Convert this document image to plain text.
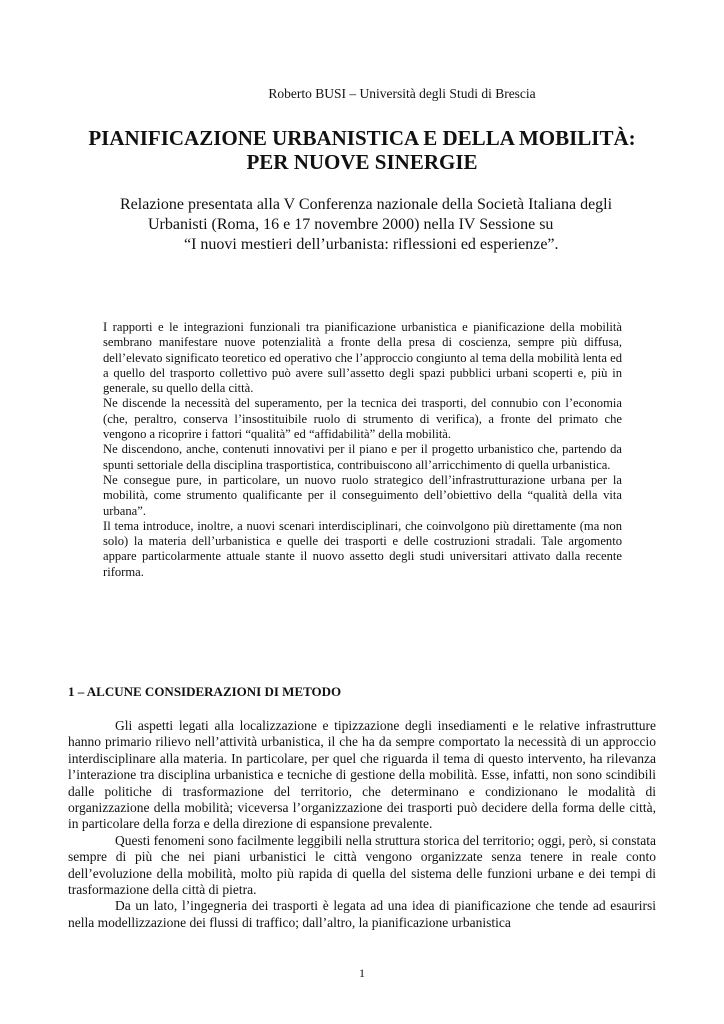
Roberto BUSI – Università degli Studi di Brescia
PIANIFICAZIONE URBANISTICA E DELLA MOBILITÀ:
PER NUOVE SINERGIE
Relazione presentata alla V Conferenza nazionale della Società Italiana degli
Urbanisti (Roma, 16 e 17 novembre 2000) nella IV Sessione su
“I nuovi mestieri dell’urbanista: riflessioni ed esperienze”.

I rapporti e le integrazioni funzionali tra pianificazione urbanistica e pianificazione della mobilità sembrano manifestare nuove potenzialità a fronte della presa di coscienza, sempre più diffusa, dell’elevato significato teoretico ed operativo che l’approccio congiunto al tema della mobilità lenta ed a quello del trasporto collettivo può avere sull’assetto degli spazi pubblici urbani scoperti e, più in generale, su quello della città.

Ne discende la necessità del superamento, per la tecnica dei trasporti, del connubio con l’economia (che, peraltro, conserva l’insostituibile ruolo di strumento di verifica), a fronte del primato che vengono a ricoprire i fattori “qualità” ed “affidabilità” della mobilità.

Ne discendono, anche, contenuti innovativi per il piano e per il progetto urbanistico che, partendo da spunti settoriale della disciplina trasportistica, contribuiscono all’arricchimento di quella urbanistica.

Ne consegue pure, in particolare, un nuovo ruolo strategico dell’infrastrutturazione urbana per la mobilità, come strumento qualificante per il conseguimento dell’obiettivo della “qualità della vita urbana”.

Il tema introduce, inoltre, a nuovi scenari interdisciplinari, che coinvolgono più direttamente (ma non solo) la materia dell’urbanistica e quelle dei trasporti e delle costruzioni stradali. Tale argomento appare particolarmente attuale stante il nuovo assetto degli studi universitari attivato dalla recente riforma.

1 – ALCUNE CONSIDERAZIONI DI METODO

Gli aspetti legati alla localizzazione e tipizzazione degli insediamenti e le relative infrastrutture hanno primario rilievo nell’attività urbanistica, il che ha da sempre comportato la necessità di un approccio interdisciplinare alla materia. In particolare, per quel che riguarda il tema di questo intervento, ha rilevanza l’interazione tra disciplina urbanistica e tecniche di gestione della mobilità. Esse, infatti, non sono scindibili dalle politiche di trasformazione del territorio, che determinano e condizionano le modalità di organizzazione della mobilità; viceversa l’organizzazione dei trasporti può decidere della forma delle città, in particolare della forza e della direzione di espansione prevalente.

Questi fenomeni sono facilmente leggibili nella struttura storica del territorio; oggi, però, si constata sempre di più che nei piani urbanistici le città vengono organizzate senza tenere in reale conto dell’evoluzione della mobilità, molto più rapida di quella del sistema delle funzioni urbane e dei tempi di trasformazione della città di pietra.

Da un lato, l’ingegneria dei trasporti è legata ad una idea di pianificazione che tende ad esaurirsi nella modellizzazione dei flussi di traffico; dall’altro, la pianificazione urbanistica

1
